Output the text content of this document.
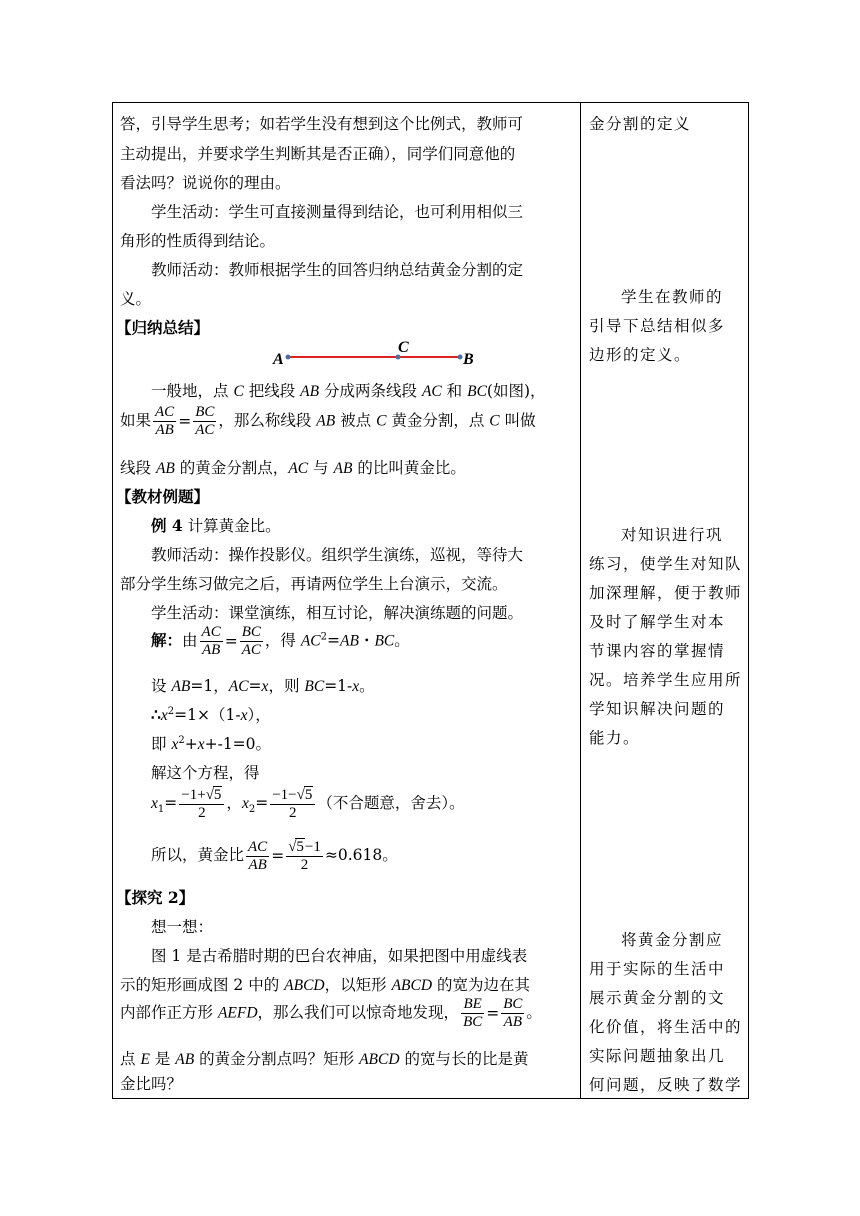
答，引导学生思考；如若学生没有想到这个比例式，教师可
主动提出，并要求学生判断其是否正确），同学们同意他的
看法吗？说说你的理由。
学生活动：学生可直接测量得到结论，也可利用相似三
角形的性质得到结论。
教师活动：教师根据学生的回答归纳总结黄金分割的定
义。
【归纳总结】
A
C
B
一般地，点 C 把线段 AB 分成两条线段 AC 和 BC(如图)，
如果 $\frac{AC}{AB} = \frac{BC}{AC}$ ，那么称线段 AB 被点 C 黄金分割，点 C 叫做
线段 AB 的黄金分割点，AC 与 AB 的比叫黄金比。
【教材例题】
例 4 计算黄金比。
教师活动：操作投影仪。组织学生演练，巡视，等待大
部分学生练习做完之后，再请两位学生上台演示，交流。
学生活动：课堂演练，相互讨论，解决演练题的问题。
解：由 $\frac{AC}{AB} = \frac{BC}{AC}$ ，得 $AC^2=AB$・BC。
设 AB=1，AC=x，则 BC=1-x。
$\therefore x^2=1\times(1-x)$，
即 $x^2+x+-1=0$。
解这个方程，得
$x_1= \frac{-1+√5}{2}$ ，$x_2= \frac{-1-√5}{2}$ （不合题意，舍去）。
所以，黄金比 $\frac{AC}{AB} = \frac{√5-1}{2} \approx 0.618$。
【探究 2】
想一想：
图 1 是古希腊时期的巴台农神庙，如果把图中用虚线表
示的矩形画成图 2 中的 ABCD，以矩形 ABCD 的宽为边在其
内部作正方形 AEFD，那么我们可以惊奇地发现， $\frac{BE}{BC} = \frac{BC}{AB}$ 。
点 E 是 AB 的黄金分割点吗？矩形 ABCD 的宽与长的比是黄
金比吗？
金分割的定义
学生在教师的
引导下总结相似多
边形的定义。
对知识进行巩
练习，使学生对知队
加深理解，便于教师
及时了解学生对本
节课内容的掌握情
况。培养学生应用所
学知识解决问题的
能力。
将黄金分割应
用于实际的生活中
展示黄金分割的文
化价值，将生活中的
实际问题抽象出几
何问题，反映了数学
